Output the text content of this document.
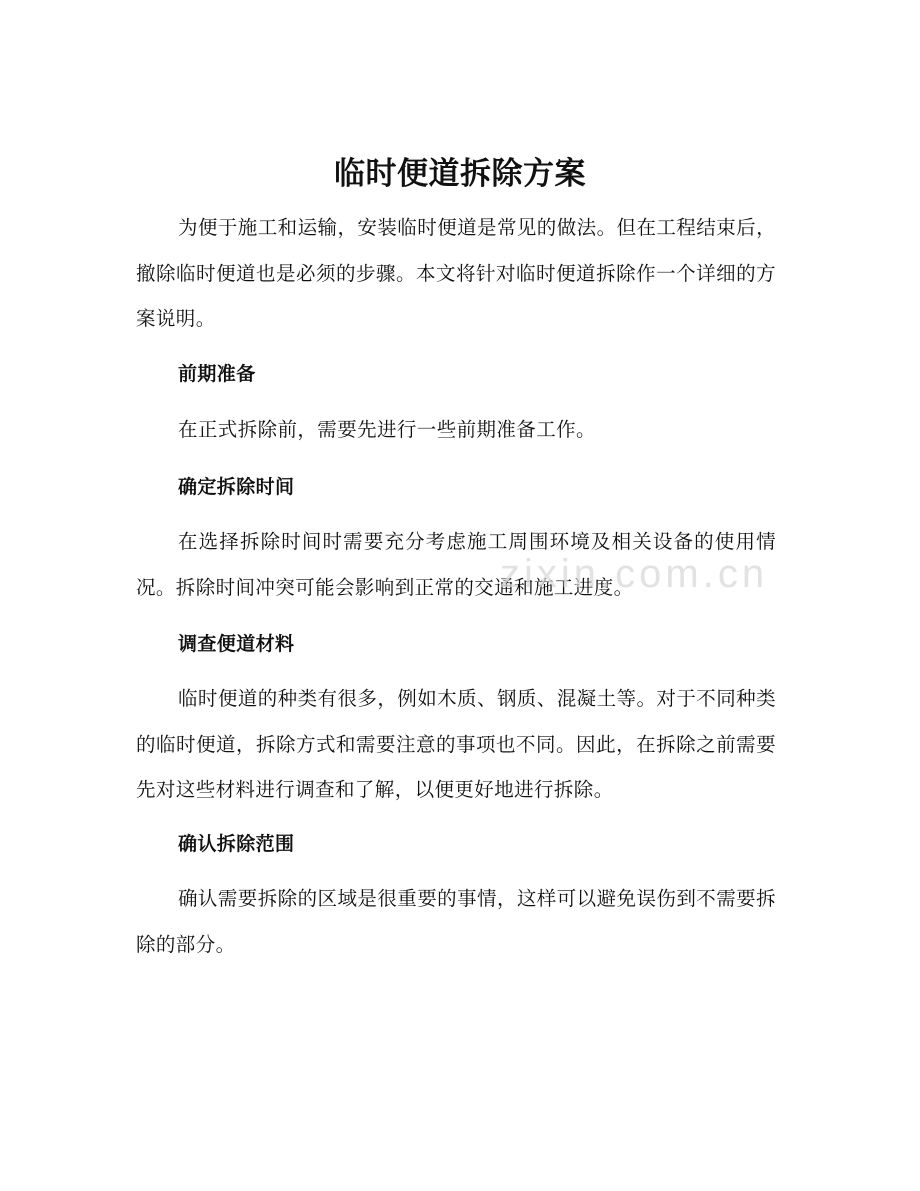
临时便道拆除方案

为便于施工和运输，安装临时便道是常见的做法。但在工程结束后，撤除临时便道也是必须的步骤。本文将针对临时便道拆除作一个详细的方案说明。

前期准备

在正式拆除前，需要先进行一些前期准备工作。

确定拆除时间

在选择拆除时间时需要充分考虑施工周围环境及相关设备的使用情况。拆除时间冲突可能会影响到正常的交通和施工进度。

调查便道材料

临时便道的种类有很多，例如木质、钢质、混凝土等。对于不同种类的临时便道，拆除方式和需要注意的事项也不同。因此，在拆除之前需要先对这些材料进行调查和了解，以便更好地进行拆除。

确认拆除范围

确认需要拆除的区域是很重要的事情，这样可以避免误伤到不需要拆除的部分。

zixin.com.cn
